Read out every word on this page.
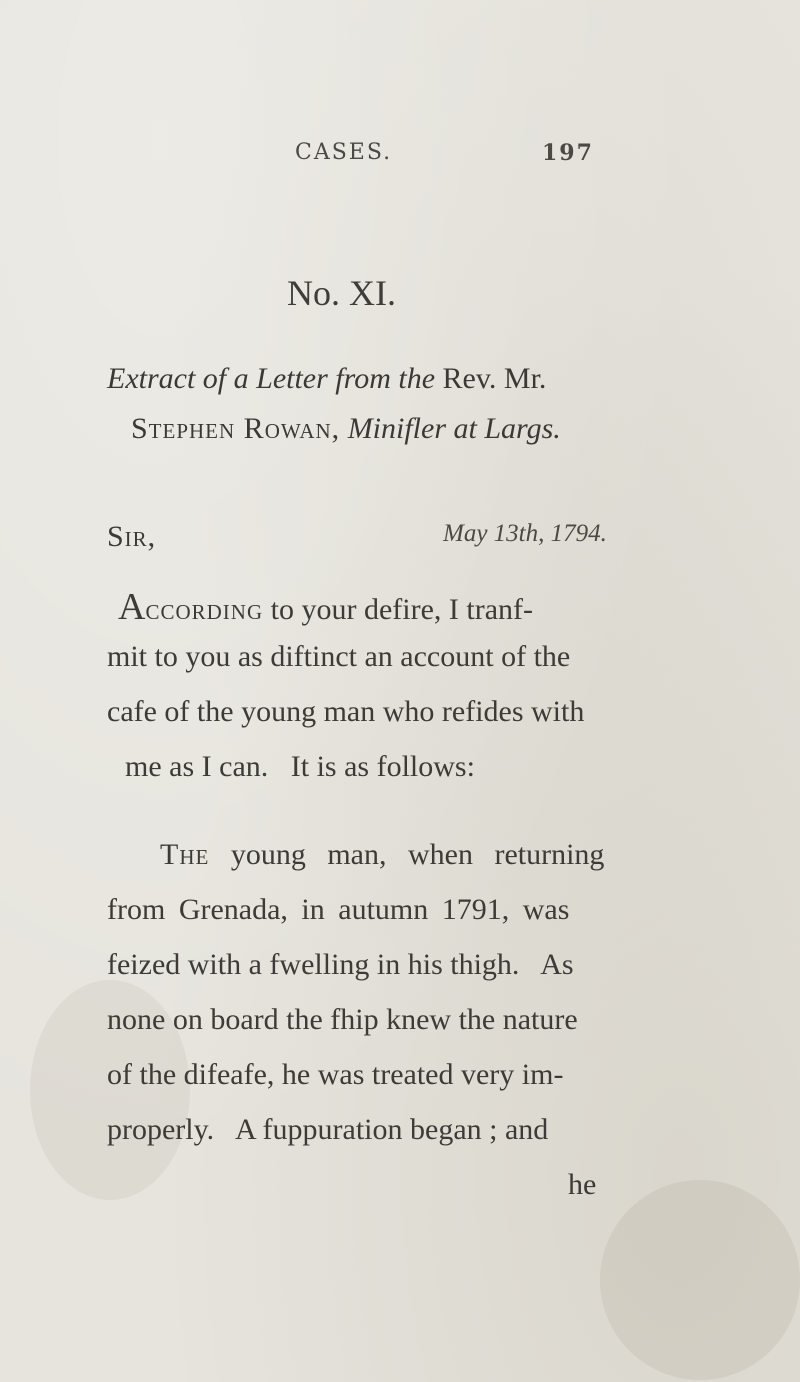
CASES.	197
No. XI.
Extract of a Letter from the Rev. Mr.
Stephen Rowan, Minifler at Largs.
Sir,	May 13th, 1794.
According to your defire, I tranf-
mit to you as diftinct an account of the
cafe of the young man who refides with
me as I can.   It is as follows:
The young man, when returning
from Grenada, in autumn 1791, was
feized with a fwelling in his thigh.   As
none on board the fhip knew the nature
of the difeafe, he was treated very im-
properly.   A fuppuration began ; and
he
